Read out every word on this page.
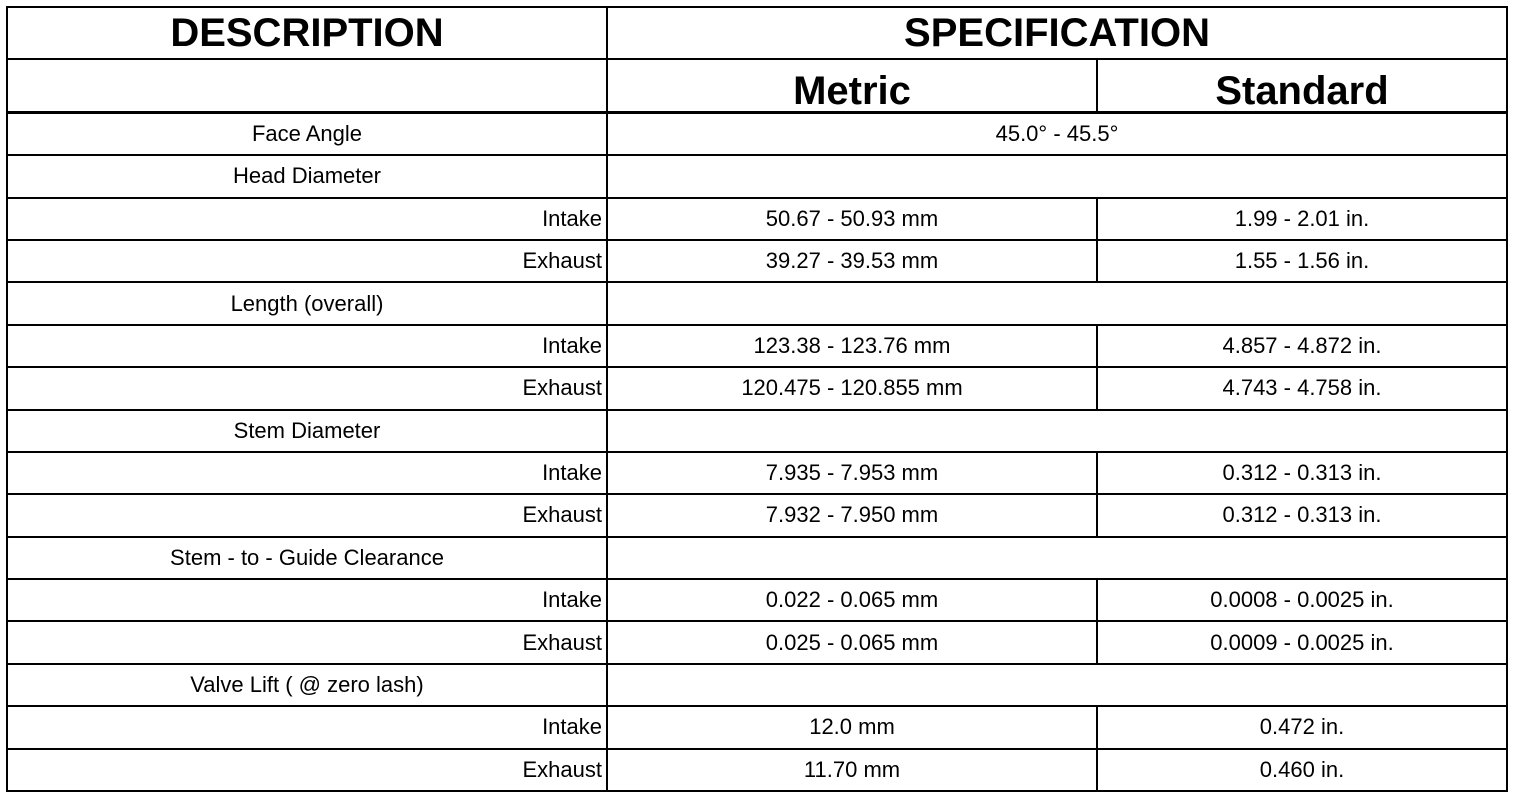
DESCRIPTION	SPECIFICATION	
	Metric	Standard
Face Angle	45.0° - 45.5°	
Head Diameter		
Intake	50.67 - 50.93 mm	1.99 - 2.01 in.
Exhaust	39.27 - 39.53 mm	1.55 - 1.56 in.
Length (overall)		
Intake	123.38 - 123.76 mm	4.857 - 4.872 in.
Exhaust	120.475 - 120.855 mm	4.743 - 4.758 in.
Stem Diameter		
Intake	7.935 - 7.953 mm	0.312 - 0.313 in.
Exhaust	7.932 - 7.950 mm	0.312 - 0.313 in.
Stem - to - Guide Clearance		
Intake	0.022 - 0.065 mm	0.0008 - 0.0025 in.
Exhaust	0.025 - 0.065 mm	0.0009 - 0.0025 in.
Valve Lift ( @ zero lash)		
Intake	12.0 mm	0.472 in.
Exhaust	11.70 mm	0.460 in.
